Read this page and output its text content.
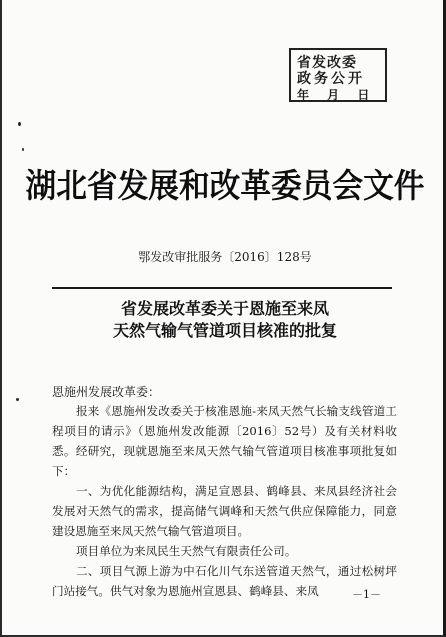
省发改委
政务公开
年 月 日
湖北省发展和改革委员会文件
鄂发改审批服务〔2016〕128号
省发展改革委关于恩施至来凤
天然气输气管道项目核准的批复
恩施州发展改革委：

报来《恩施州发改委关于核准恩施-来凤天然气长输支线管道工程项目的请示》（恩施州发改能源〔2016〕52号）及有关材料收悉。经研究，现就恩施至来凤天然气输气管道项目核准事项批复如下：

一、为优化能源结构，满足宣恩县、鹤峰县、来凤县经济社会发展对天然气的需求，提高储气调峰和天然气供应保障能力，同意建设恩施至来凤天然气输气管道项目。

项目单位为来凤民生天然气有限责任公司。

二、项目气源上游为中石化川气东送管道天然气，通过松树坪门站接气。供气对象为恩施州宣恩县、鹤峰县、来凤	－1－
